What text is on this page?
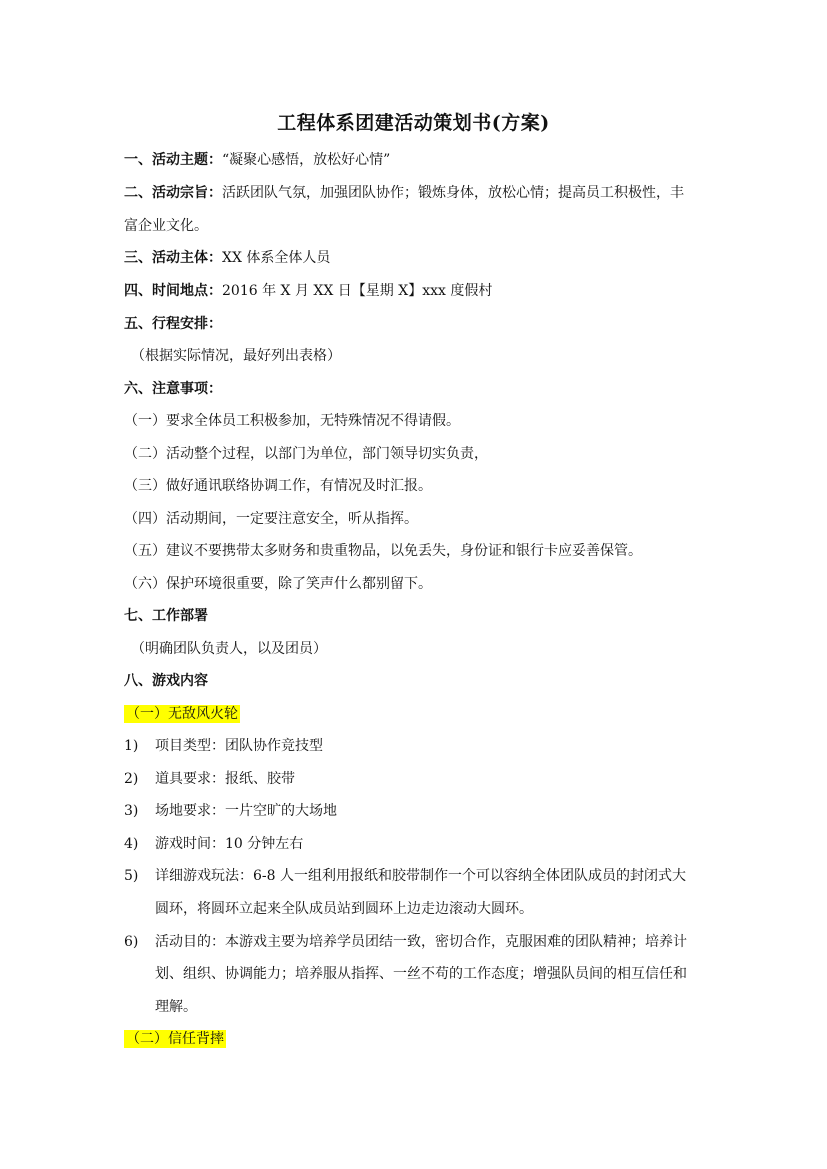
工程体系团建活动策划书(方案)
一、活动主题：“凝聚心感悟，放松好心情”
二、活动宗旨：活跃团队气氛，加强团队协作；锻炼身体，放松心情；提高员工积极性，丰
富企业文化。
三、活动主体：XX 体系全体人员
四、时间地点：2016 年 X 月 XX 日【星期 X】xxx 度假村
五、行程安排：
（根据实际情况，最好列出表格）
六、注意事项：
（一）要求全体员工积极参加，无特殊情况不得请假。
（二）活动整个过程，以部门为单位，部门领导切实负责，
（三）做好通讯联络协调工作，有情况及时汇报。
（四）活动期间，一定要注意安全，听从指挥。
（五）建议不要携带太多财务和贵重物品，以免丢失，身份证和银行卡应妥善保管。
（六）保护环境很重要，除了笑声什么都别留下。
七、工作部署
（明确团队负责人，以及团员）
八、游戏内容
（一）无敌风火轮
1) 项目类型：团队协作竞技型
2) 道具要求：报纸、胶带
3) 场地要求：一片空旷的大场地
4) 游戏时间：10 分钟左右
5) 详细游戏玩法：6-8 人一组利用报纸和胶带制作一个可以容纳全体团队成员的封闭式大
圆环，将圆环立起来全队成员站到圆环上边走边滚动大圆环。
6) 活动目的：本游戏主要为培养学员团结一致，密切合作，克服困难的团队精神；培养计
划、组织、协调能力；培养服从指挥、一丝不苟的工作态度；增强队员间的相互信任和
理解。
（二）信任背摔
